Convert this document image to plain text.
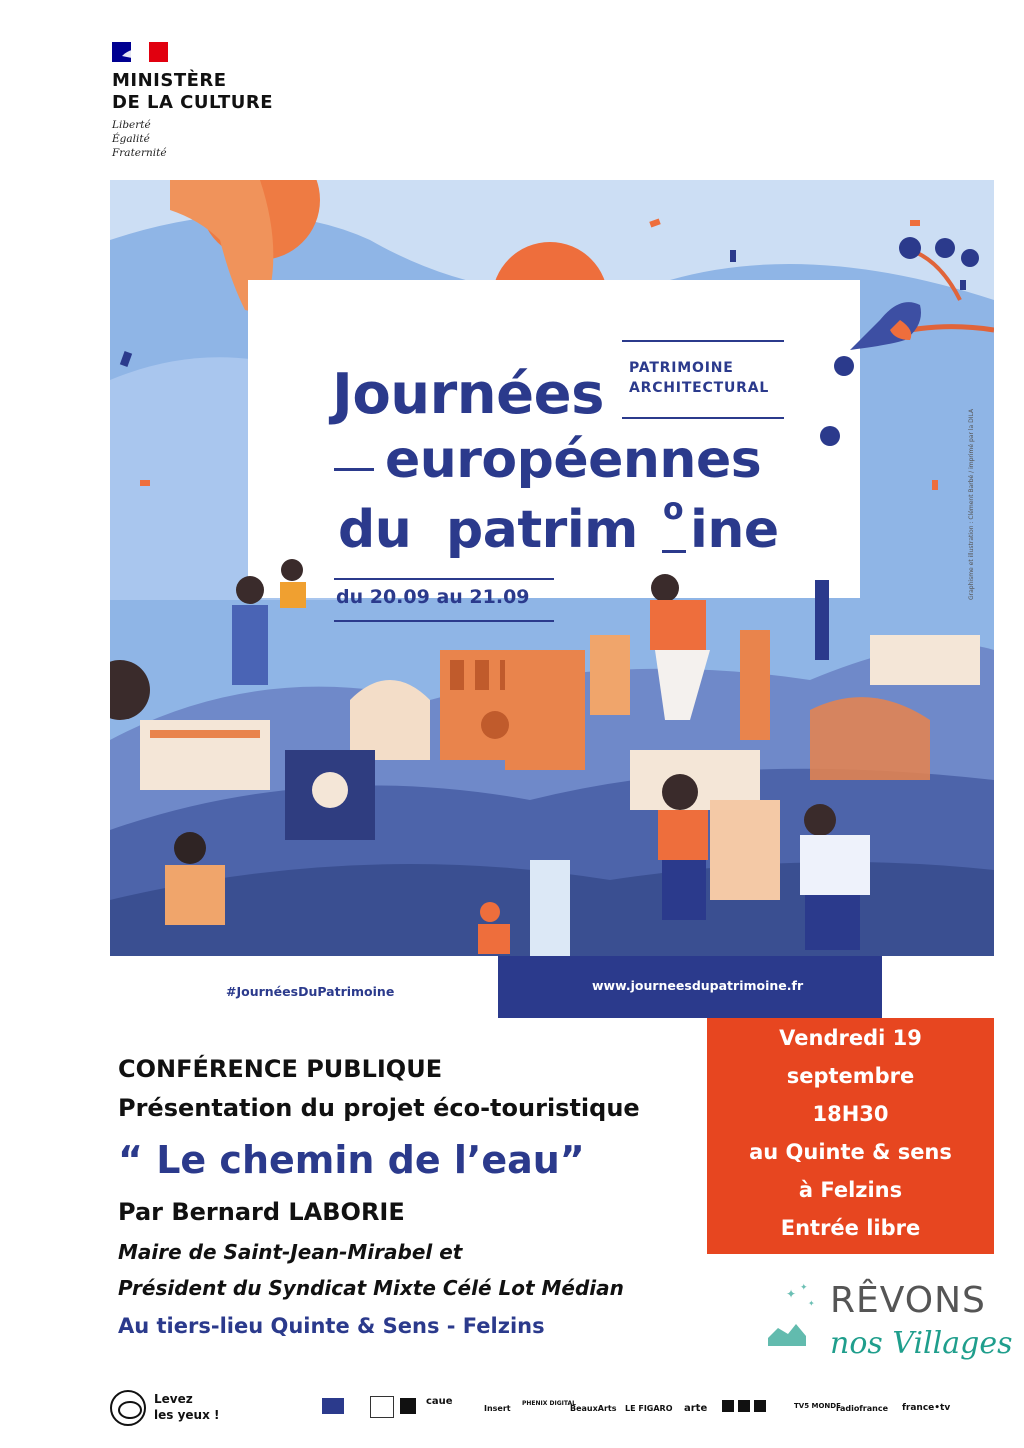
MINISTÈRE
DE LA CULTURE
Liberté
Égalité
Fraternité
PATRIMOINE
ARCHITECTURAL
Journées
européennes
du patrim o ine
du 20.09 au 21.09	Graphisme et illustration : Clément Barbé / imprimé par la DILA
#JournéesDuPatrimoine	www.journeesdupatrimoine.fr
CONFÉRENCE PUBLIQUE
Présentation du projet éco-touristique
“ Le chemin de l’eau”
Par Bernard LABORIE
Maire de Saint-Jean-Mirabel et
Président du Syndicat Mixte Célé Lot Médian
Au tiers-lieu Quinte & Sens - Felzins
Vendredi 19
septembre
18H30
au Quinte & sens
à Felzins
Entrée libre
✦ ✦
✦ RÊVONS
nos Villages
Levez
les yeux !
caue
Insert
PHENIX DIGITAL
BeauxArts LE FIGARO arte	TV5 MONDE
radiofrance france•tv
